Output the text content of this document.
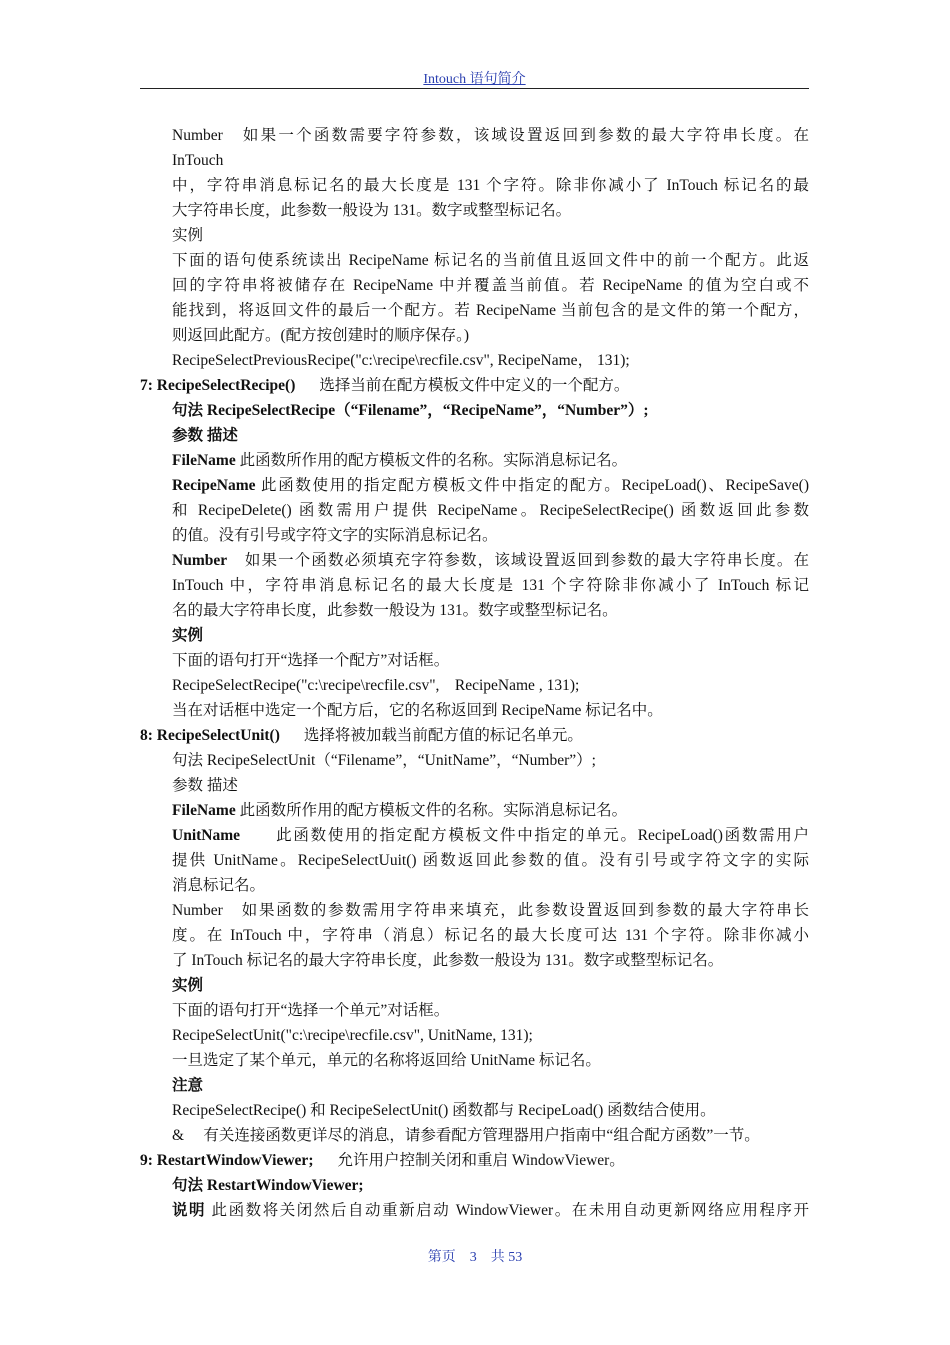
Intouch 语句简介

Number　如果一个函数需要字符参数，该域设置返回到参数的最大字符串长度。在

InTouch

中，字符串消息标记名的最大长度是 131 个字符。除非你减小了 InTouch 标记名的最

大字符串长度，此参数一般设为 131。数字或整型标记名。

实例

下面的语句使系统读出 RecipeName 标记名的当前值且返回文件中的前一个配方。此返

回的字符串将被储存在 RecipeName 中并覆盖当前值。若 RecipeName 的值为空白或不

能找到，将返回文件的最后一个配方。若 RecipeName 当前包含的是文件的第一个配方，

则返回此配方。(配方按创建时的顺序保存。)

RecipeSelectPreviousRecipe("c:\recipe\recfile.csv", RecipeName， 131);

7: RecipeSelectRecipe() 选择当前在配方模板文件中定义的一个配方。

句法 RecipeSelectRecipe（“Filename”，“RecipeName”，“Number”）;

参数 描述

FileName 此函数所作用的配方模板文件的名称。实际消息标记名。

RecipeName 此函数使用的指定配方模板文件中指定的配方。RecipeLoad()、RecipeSave()

和 RecipeDelete() 函数需用户提供 RecipeName。RecipeSelectRecipe() 函数返回此参数

的值。没有引号或字符文字的实际消息标记名。

Number　如果一个函数必须填充字符参数，该域设置返回到参数的最大字符串长度。在

InTouch 中，字符串消息标记名的最大长度是 131 个字符除非你减小了 InTouch 标记

名的最大字符串长度，此参数一般设为 131。数字或整型标记名。

实例

下面的语句打开“选择一个配方”对话框。

RecipeSelectRecipe("c:\recipe\recfile.csv",　RecipeName , 131);

当在对话框中选定一个配方后，它的名称返回到 RecipeName 标记名中。

8: RecipeSelectUnit() 选择将被加载当前配方值的标记名单元。

句法 RecipeSelectUnit（“Filename”，“UnitName”，“Number”）;

参数 描述

FileName 此函数所作用的配方模板文件的名称。实际消息标记名。

UnitName　　此函数使用的指定配方模板文件中指定的单元。RecipeLoad()函数需用户

提供 UnitName。RecipeSelectUuit() 函数返回此参数的值。没有引号或字符文字的实际

消息标记名。

Number　如果函数的参数需用字符串来填充，此参数设置返回到参数的最大字符串长

度。在 InTouch 中，字符串（消息）标记名的最大长度可达 131 个字符。除非你减小

了 InTouch 标记名的最大字符串长度，此参数一般设为 131。数字或整型标记名。

实例

下面的语句打开“选择一个单元”对话框。

RecipeSelectUnit("c:\recipe\recfile.csv", UnitName, 131);

一旦选定了某个单元，单元的名称将返回给 UnitName 标记名。

注意

RecipeSelectRecipe() 和 RecipeSelectUnit() 函数都与 RecipeLoad() 函数结合使用。

&　 有关连接函数更详尽的消息，请参看配方管理器用户指南中“组合配方函数”一节。

9: RestartWindowViewer; 允许用户控制关闭和重启 WindowViewer。

句法 RestartWindowViewer;

说明 此函数将关闭然后自动重新启动 WindowViewer。在未用自动更新网络应用程序开

第页　3　共 53
